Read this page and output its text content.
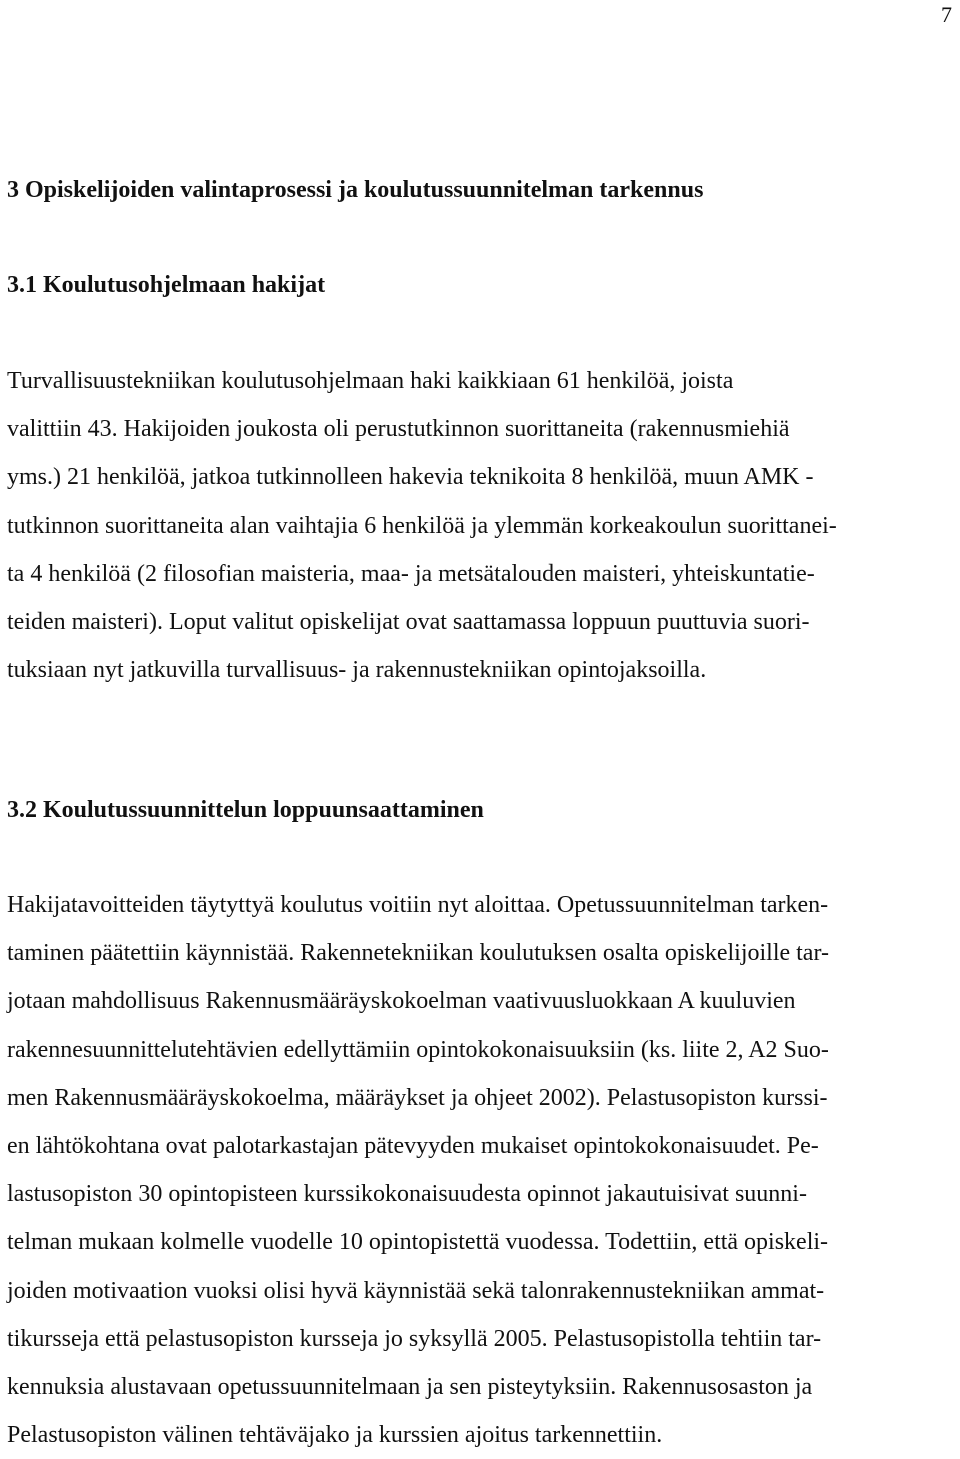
7
3 Opiskelijoiden valintaprosessi ja koulutussuunnitelman tarkennus
3.1 Koulutusohjelmaan hakijat

Turvallisuustekniikan koulutusohjelmaan haki kaikkiaan 61 henkilöä, joista
valittiin 43. Hakijoiden joukosta oli perustutkinnon suorittaneita (rakennusmiehiä
yms.) 21 henkilöä, jatkoa tutkinnolleen hakevia teknikoita 8 henkilöä, muun AMK -
tutkinnon suorittaneita alan vaihtajia 6 henkilöä ja ylemmän korkeakoulun suorittanei-
ta 4 henkilöä (2 filosofian maisteria, maa- ja metsätalouden maisteri, yhteiskuntatie-
teiden maisteri). Loput valitut opiskelijat ovat saattamassa loppuun puuttuvia suori-
tuksiaan nyt jatkuvilla turvallisuus- ja rakennustekniikan opintojaksoilla.

3.2 Koulutussuunnittelun loppuunsaattaminen

Hakijatavoitteiden täytyttyä koulutus voitiin nyt aloittaa. Opetussuunnitelman tarken-
taminen päätettiin käynnistää. Rakennetekniikan koulutuksen osalta opiskelijoille tar-
jotaan mahdollisuus Rakennusmääräyskokoelman vaativuusluokkaan A kuuluvien
rakennesuunnittelutehtävien edellyttämiin opintokokonaisuuksiin (ks. liite 2, A2 Suo-
men Rakennusmääräyskokoelma, määräykset ja ohjeet 2002). Pelastusopiston kurssi-
en lähtökohtana ovat palotarkastajan pätevyyden mukaiset opintokokonaisuudet. Pe-
lastusopiston 30 opintopisteen kurssikokonaisuudesta opinnot jakautuisivat suunni-
telman mukaan kolmelle vuodelle 10 opintopistettä vuodessa. Todettiin, että opiskeli-
joiden motivaation vuoksi olisi hyvä käynnistää sekä talonrakennustekniikan ammat-
tikursseja että pelastusopiston kursseja jo syksyllä 2005. Pelastusopistolla tehtiin tar-
kennuksia alustavaan opetussuunnitelmaan ja sen pisteytyksiin. Rakennusosaston ja
Pelastusopiston välinen tehtäväjako ja kurssien ajoitus tarkennettiin.
